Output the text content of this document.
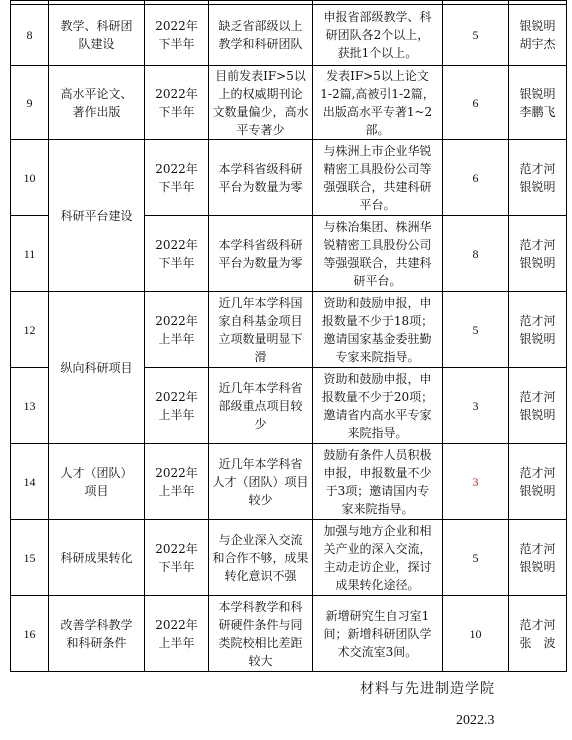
8	教学、科研团
队建设	2022年
下半年	缺乏省部级以上
教学和科研团队	申报省部级教学、科
研团队各2个以上，
获批1个以上。	5	银锐明
胡宇杰
9	高水平论文、
著作出版	2022年
下半年	目前发表IF>5以
上的权威期刊论
文数量偏少，高水
平专著少	发表IF>5以上论文
1-2篇,高被引1-2篇，
出版高水平专著1~2
部。	6	银锐明
李鹏飞
10	科研平台建设	2022年
下半年	本学科省级科研
平台为数量为零	与株洲上市企业华锐
精密工具股份公司等
强强联合，共建科研
平台。	6	范才河
银锐明
11		2022年
下半年	本学科省级科研
平台为数量为零	与株冶集团、株洲华
锐精密工具股份公司
等强强联合，共建科
研平台。	8	范才河
银锐明
12	纵向科研项目	2022年
上半年	近几年本学科国
家自科基金项目
立项数量明显下
滑	资助和鼓励申报，申
报数量不少于18项；
邀请国家基金委驻勤
专家来院指导。	5	范才河
银锐明
13		2022年
上半年	近几年本学科省
部级重点项目较
少	资助和鼓励申报，申
报数量不少于20项；
邀请省内高水平专家
来院指导。	3	范才河
银锐明
14	人才（团队）
项目	2022年
上半年	近几年本学科省
人才（团队）项目
较少	鼓励有条件人员积极
申报，申报数量不少
于3项；邀请国内专
家来院指导。	3	范才河
银锐明
15	科研成果转化	2022年
下半年	与企业深入交流
和合作不够，成果
转化意识不强	加强与地方企业和相
关产业的深入交流，
主动走访企业，探讨
成果转化途径。	5	范才河
银锐明
16	改善学科教学
和科研条件	2022年
上半年	本学科教学和科
研硬件条件与同
类院校相比差距
较大	新增研究生自习室1
间；新增科研团队学
术交流室3间。	10	范才河
张　波
材料与先进制造学院
2022.3
